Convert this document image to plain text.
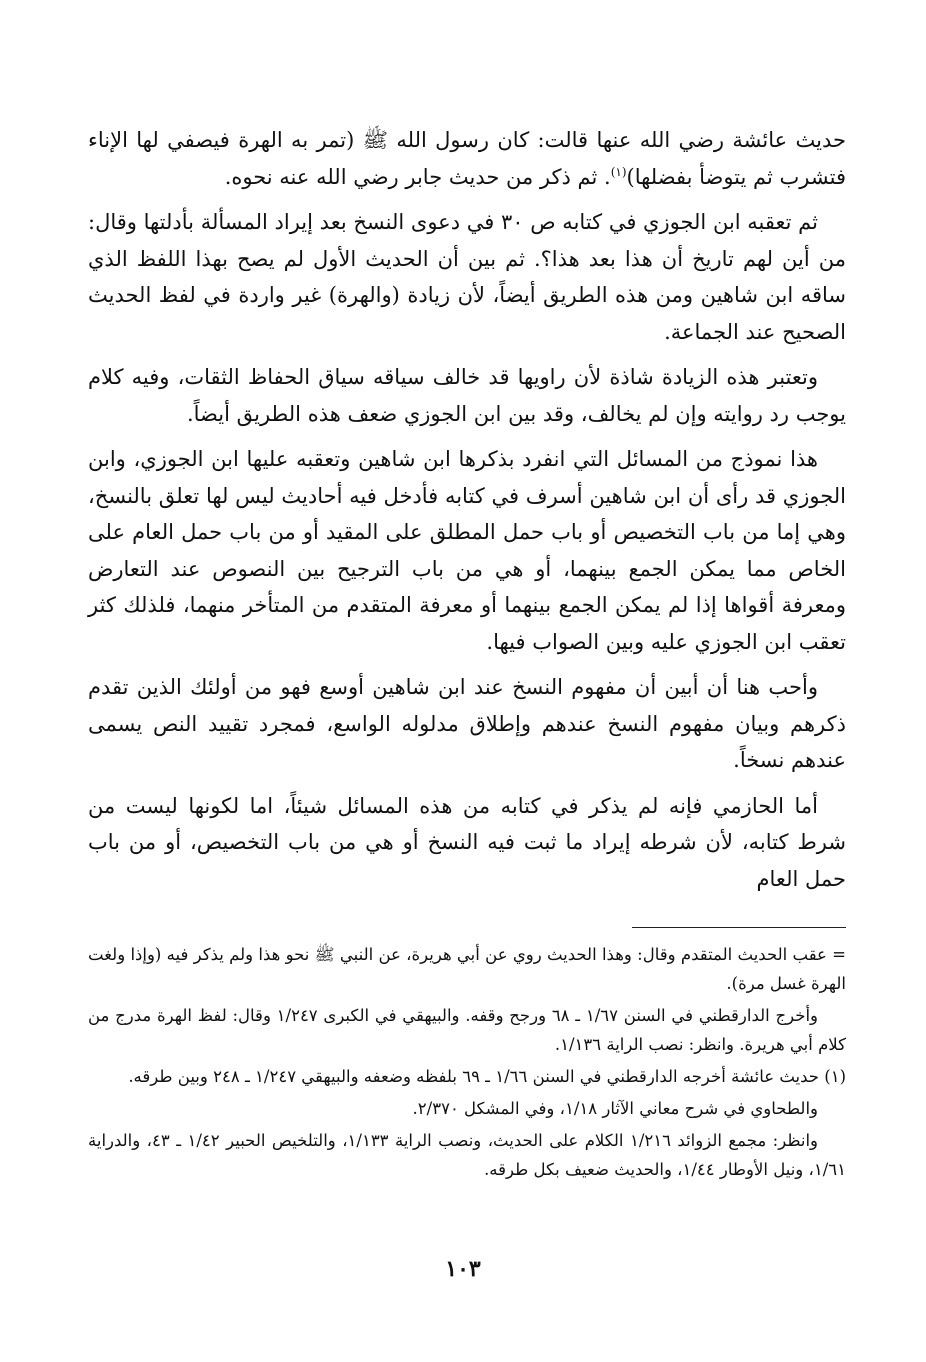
حديث عائشة رضي الله عنها قالت: كان رسول الله ﷺ (تمر به الهرة فيصفي لها الإناء فتشرب ثم يتوضأ بفضلها)$^{(١)}$. ثم ذكر من حديث جابر رضي الله عنه نحوه.

ثم تعقبه ابن الجوزي في كتابه ص ٣٠ في دعوى النسخ بعد إيراد المسألة بأدلتها وقال: من أين لهم تاريخ أن هذا بعد هذا؟. ثم بين أن الحديث الأول لم يصح بهذا اللفظ الذي ساقه ابن شاهين ومن هذه الطريق أيضاً، لأن زيادة (والهرة) غير واردة في لفظ الحديث الصحيح عند الجماعة.

وتعتبر هذه الزيادة شاذة لأن راويها قد خالف سياقه سياق الحفاظ الثقات، وفيه كلام يوجب رد روايته وإن لم يخالف، وقد بين ابن الجوزي ضعف هذه الطريق أيضاً.

هذا نموذج من المسائل التي انفرد بذكرها ابن شاهين وتعقبه عليها ابن الجوزي، وابن الجوزي قد رأى أن ابن شاهين أسرف في كتابه فأدخل فيه أحاديث ليس لها تعلق بالنسخ، وهي إما من باب التخصيص أو باب حمل المطلق على المقيد أو من باب حمل العام على الخاص مما يمكن الجمع بينهما، أو هي من باب الترجيح بين النصوص عند التعارض ومعرفة أقواها إذا لم يمكن الجمع بينهما أو معرفة المتقدم من المتأخر منهما، فلذلك كثر تعقب ابن الجوزي عليه وبين الصواب فيها.

وأحب هنا أن أبين أن مفهوم النسخ عند ابن شاهين أوسع فهو من أولئك الذين تقدم ذكرهم وبيان مفهوم النسخ عندهم وإطلاق مدلوله الواسع، فمجرد تقييد النص يسمى عندهم نسخاً.

أما الحازمي فإنه لم يذكر في كتابه من هذه المسائل شيئاً، اما لكونها ليست من شرط كتابه، لأن شرطه إيراد ما ثبت فيه النسخ أو هي من باب التخصيص، أو من باب حمل العام

= عقب الحديث المتقدم وقال: وهذا الحديث روي عن أبي هريرة، عن النبي ﷺ نحو هذا ولم يذكر فيه (وإذا ولغت الهرة غسل مرة).

وأخرج الدارقطني في السنن ١/٦٧ ـ ٦٨ ورجح وقفه. والبيهقي في الكبرى ١/٢٤٧ وقال: لفظ الهرة مدرج من كلام أبي هريرة. وانظر: نصب الراية ١/١٣٦.

(١) حديث عائشة أخرجه الدارقطني في السنن ١/٦٦ ـ ٦٩ بلفظه وضعفه والبيهقي ١/٢٤٧ ـ ٢٤٨ وبين طرقه.

والطحاوي في شرح معاني الآثار ١/١٨، وفي المشكل ٢/٣٧٠.

وانظر: مجمع الزوائد ١/٢١٦ الكلام على الحديث، ونصب الراية ١/١٣٣، والتلخيص الحبير ١/٤٢ ـ ٤٣، والدراية ١/٦١، ونيل الأوطار ١/٤٤، والحديث ضعيف بكل طرقه.

١٠٣
